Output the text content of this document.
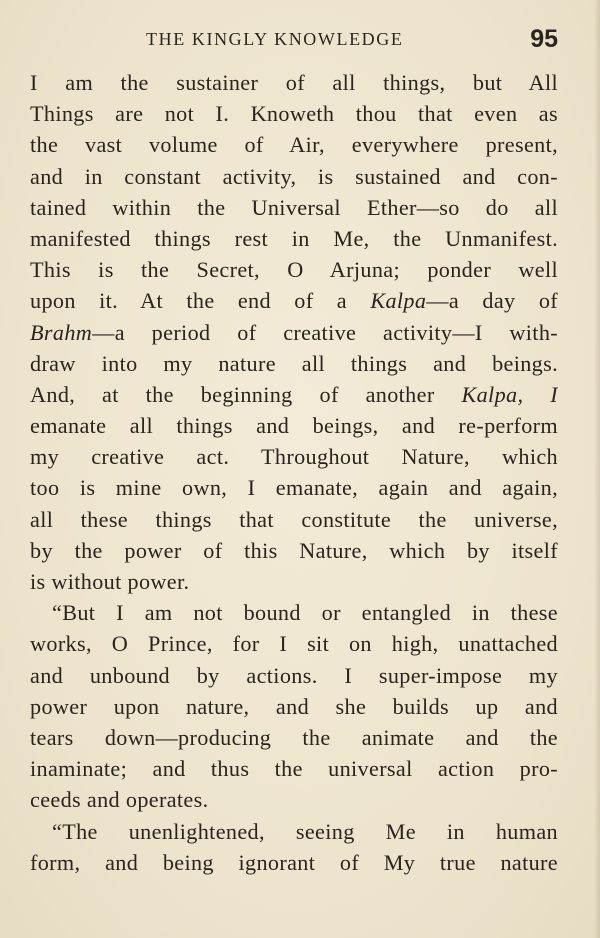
THE KINGLY KNOWLEDGE	95
I am the sustainer of all things, but All
Things are not I. Knoweth thou that even as
the vast volume of Air, everywhere present,
and in constant activity, is sustained and con-
tained within the Universal Ether—so do all
manifested things rest in Me, the Unmanifest.
This is the Secret, O Arjuna; ponder well
upon it. At the end of a Kalpa—a day of
Brahm—a period of creative activity—I with-
draw into my nature all things and beings.
And, at the beginning of another Kalpa, I
emanate all things and beings, and re-perform
my creative act. Throughout Nature, which
too is mine own, I emanate, again and again,
all these things that constitute the universe,
by the power of this Nature, which by itself
is without power.
“But I am not bound or entangled in these
works, O Prince, for I sit on high, unattached
and unbound by actions. I super-impose my
power upon nature, and she builds up and
tears down—producing the animate and the
inaminate; and thus the universal action pro-
ceeds and operates.
“The unenlightened, seeing Me in human
form, and being ignorant of My true nature
